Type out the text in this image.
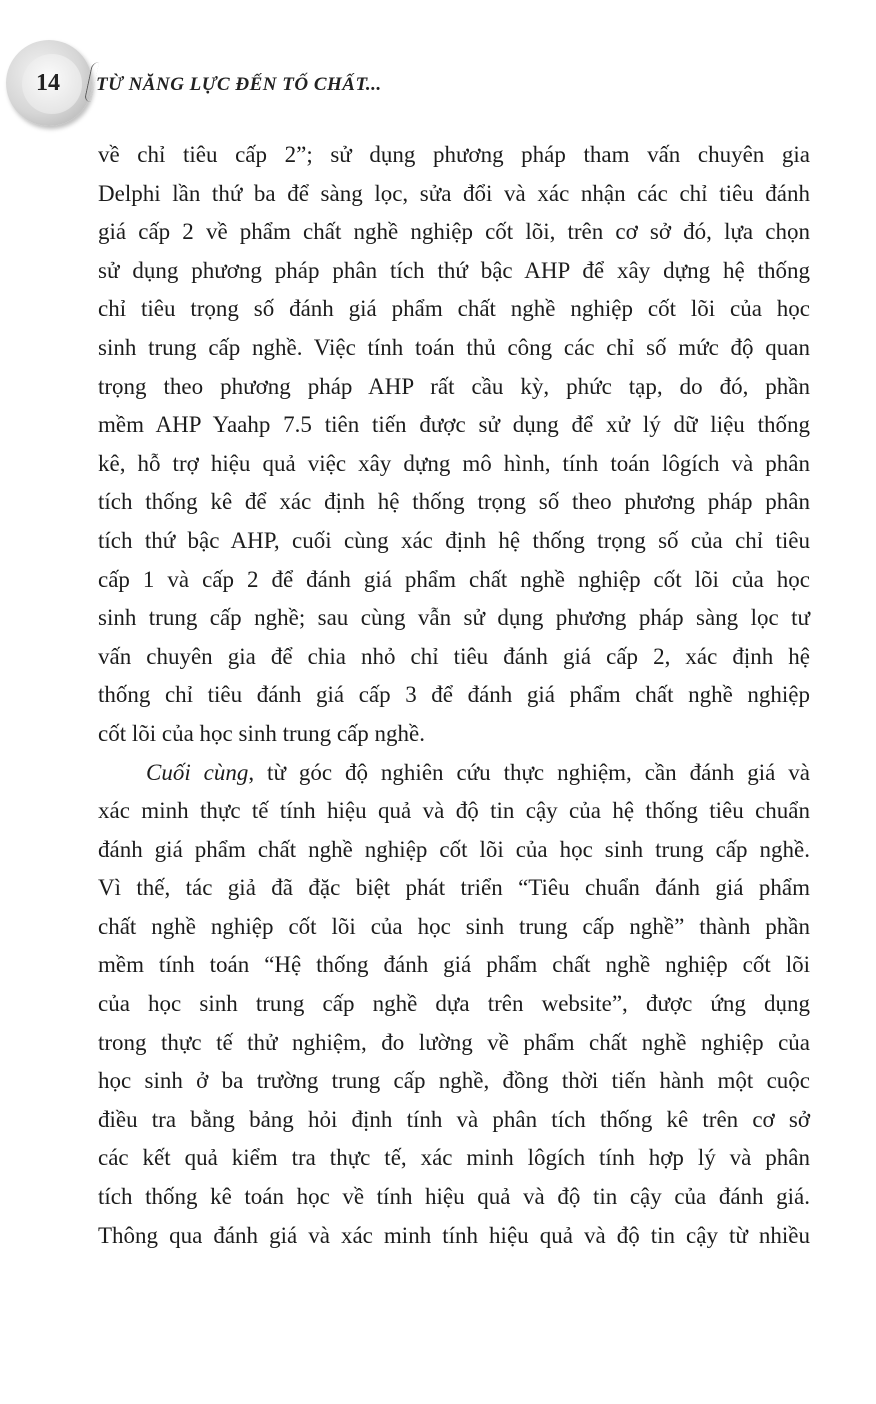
14	TỪ NĂNG LỰC ĐẾN TỐ CHẤT...

về chỉ tiêu cấp 2”; sử dụng phương pháp tham vấn chuyên gia
Delphi lần thứ ba để sàng lọc, sửa đổi và xác nhận các chỉ tiêu đánh
giá cấp 2 về phẩm chất nghề nghiệp cốt lõi, trên cơ sở đó, lựa chọn
sử dụng phương pháp phân tích thứ bậc AHP để xây dựng hệ thống
chỉ tiêu trọng số đánh giá phẩm chất nghề nghiệp cốt lõi của học
sinh trung cấp nghề. Việc tính toán thủ công các chỉ số mức độ quan
trọng theo phương pháp AHP rất cầu kỳ, phức tạp, do đó, phần
mềm AHP Yaahp 7.5 tiên tiến được sử dụng để xử lý dữ liệu thống
kê, hỗ trợ hiệu quả việc xây dựng mô hình, tính toán lôgích và phân
tích thống kê để xác định hệ thống trọng số theo phương pháp phân
tích thứ bậc AHP, cuối cùng xác định hệ thống trọng số của chỉ tiêu
cấp 1 và cấp 2 để đánh giá phẩm chất nghề nghiệp cốt lõi của học
sinh trung cấp nghề; sau cùng vẫn sử dụng phương pháp sàng lọc tư
vấn chuyên gia để chia nhỏ chỉ tiêu đánh giá cấp 2, xác định hệ
thống chỉ tiêu đánh giá cấp 3 để đánh giá phẩm chất nghề nghiệp
cốt lõi của học sinh trung cấp nghề.

Cuối cùng, từ góc độ nghiên cứu thực nghiệm, cần đánh giá và
xác minh thực tế tính hiệu quả và độ tin cậy của hệ thống tiêu chuẩn
đánh giá phẩm chất nghề nghiệp cốt lõi của học sinh trung cấp nghề.
Vì thế, tác giả đã đặc biệt phát triển “Tiêu chuẩn đánh giá phẩm
chất nghề nghiệp cốt lõi của học sinh trung cấp nghề” thành phần
mềm tính toán “Hệ thống đánh giá phẩm chất nghề nghiệp cốt lõi
của học sinh trung cấp nghề dựa trên website”, được ứng dụng
trong thực tế thử nghiệm, đo lường về phẩm chất nghề nghiệp của
học sinh ở ba trường trung cấp nghề, đồng thời tiến hành một cuộc
điều tra bằng bảng hỏi định tính và phân tích thống kê trên cơ sở
các kết quả kiểm tra thực tế, xác minh lôgích tính hợp lý và phân
tích thống kê toán học về tính hiệu quả và độ tin cậy của đánh giá.
Thông qua đánh giá và xác minh tính hiệu quả và độ tin cậy từ nhiều
